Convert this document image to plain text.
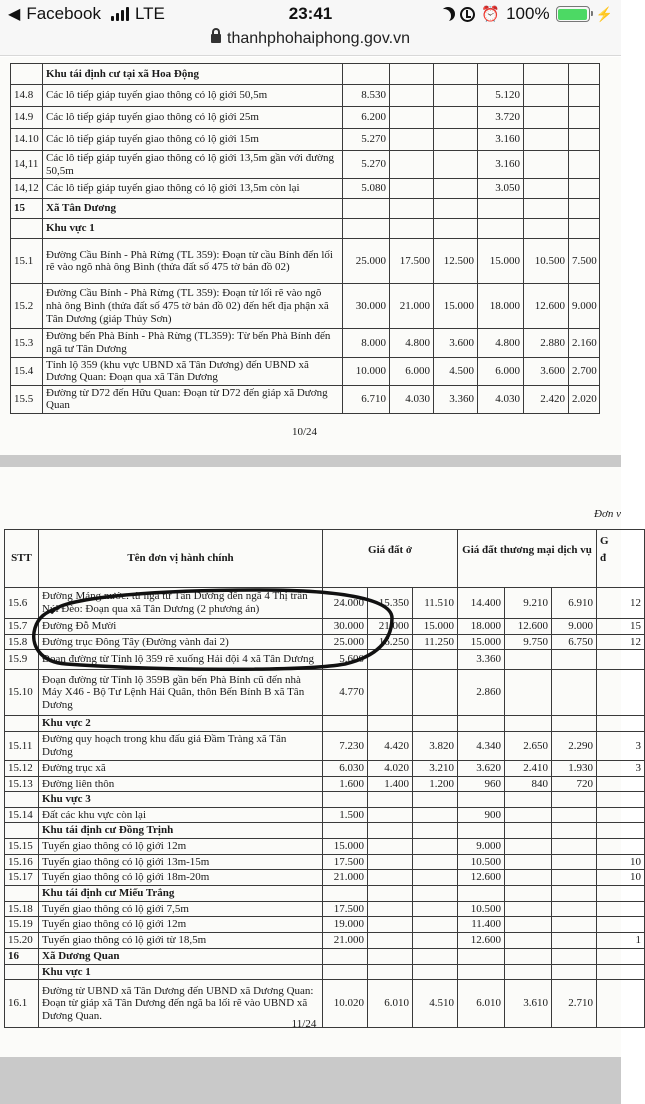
◀ Facebook LTE	23:41	⏰ 100%	⚡
thanhphohaiphong.gov.vn
	Khu tái định cư tại xã Hoa Động						
14.8	Các lô tiếp giáp tuyến giao thông có lộ giới 50,5m	8.530			5.120		
14.9	Các lô tiếp giáp tuyến giao thông có lộ giới 25m	6.200			3.720		
14.10	Các lô tiếp giáp tuyến giao thông có lộ giới 15m	5.270			3.160		
14,11	Các lô tiếp giáp tuyến giao thông có lộ giới 13,5m gần với đường 50,5m	5.270			3.160		
14,12	Các lô tiếp giáp tuyến giao thông có lộ giới 13,5m còn lại	5.080			3.050		
15	Xã Tân Dương						
	Khu vực 1						
15.1	Đường Cầu Bính - Phà Rừng (TL 359): Đoạn từ cầu Bính đến lối rẽ vào ngõ nhà ông Bình (thửa đất số 475 tờ bản đồ 02)	25.000	17.500	12.500	15.000	10.500	7.500
15.2	Đường Cầu Bính - Phà Rừng (TL 359): Đoạn từ lối rẽ vào ngõ nhà ông Bình (thửa đất số 475 tờ bản đồ 02) đến hết địa phận xã Tân Dương (giáp Thủy Sơn)	30.000	21.000	15.000	18.000	12.600	9.000
15.3	Đường bến Phà Bính - Phà Rừng (TL359): Từ bến Phà Bính đến ngã tư Tân Dương	8.000	4.800	3.600	4.800	2.880	2.160
15.4	Tỉnh lộ 359 (khu vực UBND xã Tân Dương) đến UBND xã Dương Quan: Đoạn qua xã Tân Dương	10.000	6.000	4.500	6.000	3.600	2.700
15.5	Đường từ D72 đến Hữu Quan: Đoạn từ D72 đến giáp xã Dương Quan	6.710	4.030	3.360	4.030	2.420	2.020
10/24
Đơn v
STT	Tên đơn vị hành chính	Giá đất ở			Giá đất thương mại dịch vụ			G
đ
15.6	Đường Máng nước: từ ngã tư Tân Dương đến ngã 4 Thị trấn Núi Đèo: Đoạn qua xã Tân Dương (2 phương án)	24.000	15.350	11.510	14.400	9.210	6.910	12
15.7	Đường Đỗ Mười	30.000	21.000	15.000	18.000	12.600	9.000	15
15.8	Đường trục Đông Tây (Đường vành đai 2)	25.000	16.250	11.250	15.000	9.750	6.750	12
15.9	Đoạn đường từ Tỉnh lộ 359 rẽ xuống Hải đội 4 xã Tân Dương	5.600			3.360			
15.10	Đoạn đường từ Tỉnh lộ 359B gần bến Phà Bính cũ đến nhà Máy X46 - Bộ Tư Lệnh Hải Quân, thôn Bến Bính B xã Tân Dương	4.770			2.860			
	Khu vực 2							
15.11	Đường quy hoạch trong khu đấu giá Đầm Tràng xã Tân Dương	7.230	4.420	3.820	4.340	2.650	2.290	3
15.12	Đường trục xã	6.030	4.020	3.210	3.620	2.410	1.930	3
15.13	Đường liên thôn	1.600	1.400	1.200	960	840	720	
	Khu vực 3							
15.14	Đất các khu vực còn lại	1.500			900			
	Khu tái định cư Đồng Trịnh							
15.15	Tuyến giao thông có lộ giới 12m	15.000			9.000			
15.16	Tuyến giao thông có lộ giới 13m-15m	17.500			10.500			10
15.17	Tuyến giao thông có lộ giới 18m-20m	21.000			12.600			10
	Khu tái định cư Miếu Trắng							
15.18	Tuyến giao thông có lộ giới 7,5m	17.500			10.500			
15.19	Tuyến giao thông có lộ giới 12m	19.000			11.400			
15.20	Tuyến giao thông có lộ giới từ 18,5m	21.000			12.600			1
16	Xã Dương Quan							
	Khu vực 1							
16.1	Đường từ UBND xã Tân Dương đến UBND xã Dương Quan: Đoạn từ giáp xã Tân Dương đến ngã ba lối rẽ vào UBND xã Dương Quan.	10.020	6.010	4.510	6.010	3.610	2.710	
11/24
